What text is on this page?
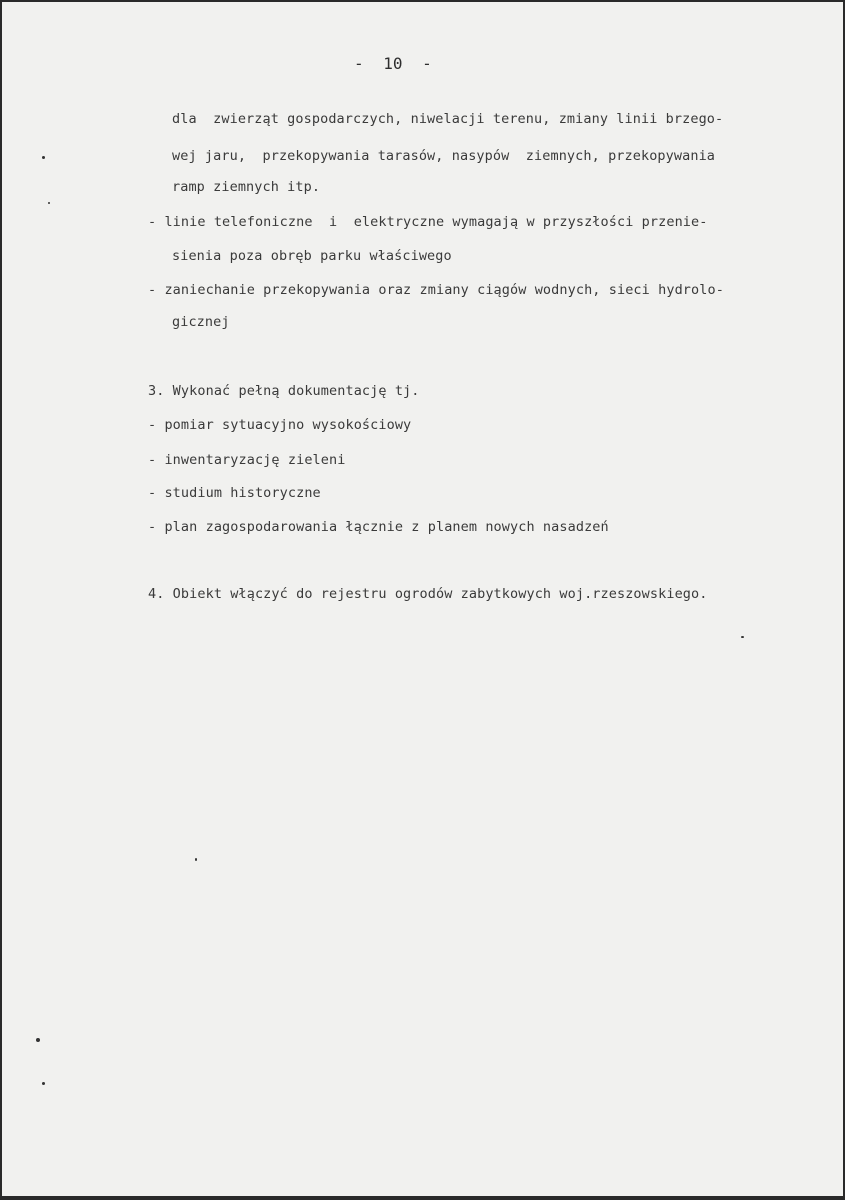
-  10  -
dla  zwierząt gospodarczych, niwelacji terenu, zmiany linii brzego-
wej jaru,  przekopywania tarasów, nasypów  ziemnych, przekopywania
ramp ziemnych itp.
- linie telefoniczne  i  elektryczne wymagają w przyszłości przenie-
sienia poza obręb parku właściwego
- zaniechanie przekopywania oraz zmiany ciągów wodnych, sieci hydrolo-
gicznej
3. Wykonać pełną dokumentację tj.
- pomiar sytuacyjno wysokościowy
- inwentaryzację zieleni
- studium historyczne
- plan zagospodarowania łącznie z planem nowych nasadzeń
4. Obiekt włączyć do rejestru ogrodów zabytkowych woj.rzeszowskiego.
